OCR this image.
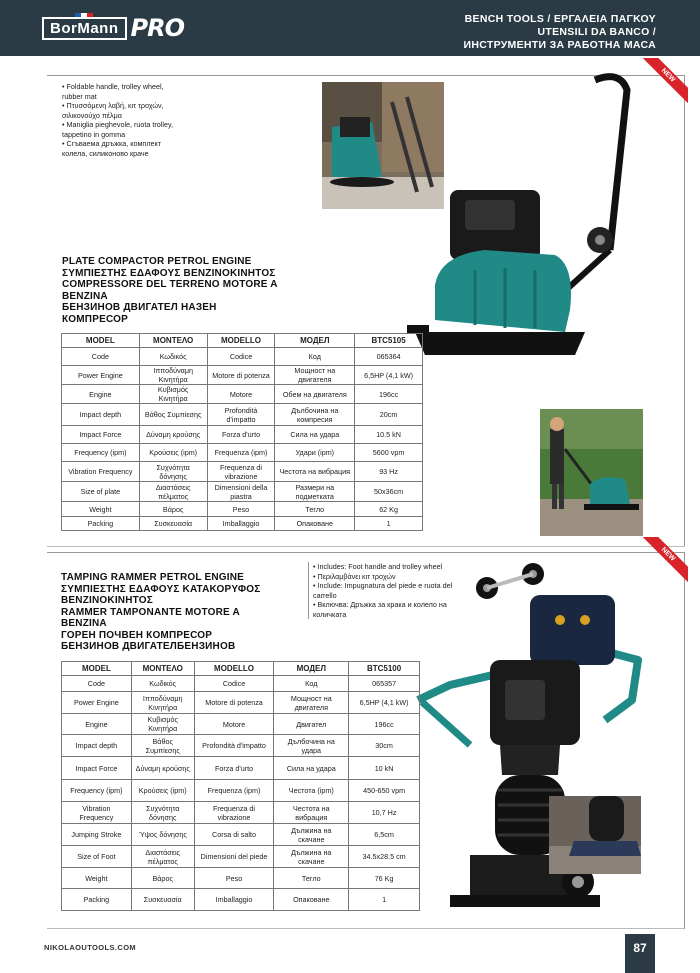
BorMann PRO	BENCH TOOLS / ΕΡΓΑΛΕΙΑ ΠΑΓΚΟΥ
UTENSILI DA BANCO /
ИНСТРУМЕНТИ ЗА РАБОТНА МАСА
NEW
• Foldable handle, trolley wheel,
rubber mat
• Πτυσσόμενη λαβή, κιτ τροχών,
σιλικονούχο πέλμα
• Maniglia pieghevole, ruota trolley,
tappetino in gomma
• Сгъваема дръжка, комплект
колела, силиконово краче
PLATE COMPACTOR PETROL ENGINE
ΣΥΜΠΙΕΣΤΗΣ ΕΔΑΦΟΥΣ ΒΕΝΖΙΝΟΚΙΝΗΤΟΣ
COMPRESSORE DEL TERRENO MOTORE A
BENZINA
БЕНЗИНОВ ДВИГАТЕЛ НАЗЕН
КОМПРЕСОР
MODEL	ΜΟΝΤΕΛΟ	MODELLO	МОДЕЛ	BTC5105
Code	Κωδικός	Codice	Код	065364
Power Engine	Ιπποδύναμη Κινητήρα	Motore di potenza	Мощност на двигателя	6,5HP (4,1 kW)
Engine	Κυβισμός Κινητήρα	Motore	Обем на двигателя	196cc
Impact depth	Βάθος Συμπίεσης	Profondità d'impatto	Дълбочина на компресия	20cm
Impact Force	Δύναμη κρούσης	Forza d'urto	Сила на удара	10.5 kN
Frequency (ipm)	Κρούσεις (ipm)	Frequenza (ipm)	Удари (ipm)	5600 vpm
Vibration Frequency	Συχνότητα δόνησης	Frequenza di vibrazione	Честота на вибрация	93 Hz
Size of plate	Διαστάσεις πέλματος	Dimensioni della piastra	Размери на подметката	50x36cm
Weight	Βάρος	Peso	Тегло	62 Kg
Packing	Συσκευασία	Imballaggio	Опаковане	1
NEW
TAMPING RAMMER PETROL ENGINE
ΣΥΜΠΙΕΣΤΗΣ ΕΔΑΦΟΥΣ ΚΑΤΑΚΟΡΥΦΟΣ
ΒΕΝΖΙΝΟΚΙΝΗΤΟΣ
RAMMER TAMPONANTE MOTORE A
BENZINA
ГОРЕН ПОЧВЕН КОМПРЕСОР
БЕНЗИНОВ ДВИГАТЕЛБЕНЗИНОВ
• Includes: Foot handle and trolley wheel
• Περιλαμβάνει κιτ τροχών
• Include: Impugnatura del piede e ruota del
carrello
• Включва: Дръжка за крака и колело на
количката
MODEL	ΜΟΝΤΕΛΟ	MODELLO	МОДЕЛ	BTC5100
Code	Κωδικός	Codice	Код	065357
Power Engine	Ιπποδύναμη Κινητήρα	Motore di potenza	Мощност на двигателя	6,5HP (4,1 kW)
Engine	Κυβισμός Κινητήρα	Motore	Двигател	196cc
Impact depth	Βάθος Συμπίεσης	Profondità d'impatto	Дълбочина на удара	30cm
Impact Force	Δύναμη κρούσης	Forza d'urto	Сила на удара	10 kN
Frequency (ipm)	Κρούσεις (ipm)	Frequenza (ipm)	Честота (ipm)	450-650 vpm
Vibration Frequency	Συχνότητα δόνησης	Frequenza di vibrazione	Честота на вибрация	10,7 Hz
Jumping Stroke	Ύψος δόνησης	Corsa di salto	Дължина на скачане	6,5cm
Size of Foot	Διαστάσεις πέλματος	Dimensioni del piede	Дължина на скачане	34.5x28.5 cm
Weight	Βάρος	Peso	Тегло	76 Kg
Packing	Συσκευασία	Imballaggio	Опаковане	1
NIKOLAOUTOOLS.COM	87
